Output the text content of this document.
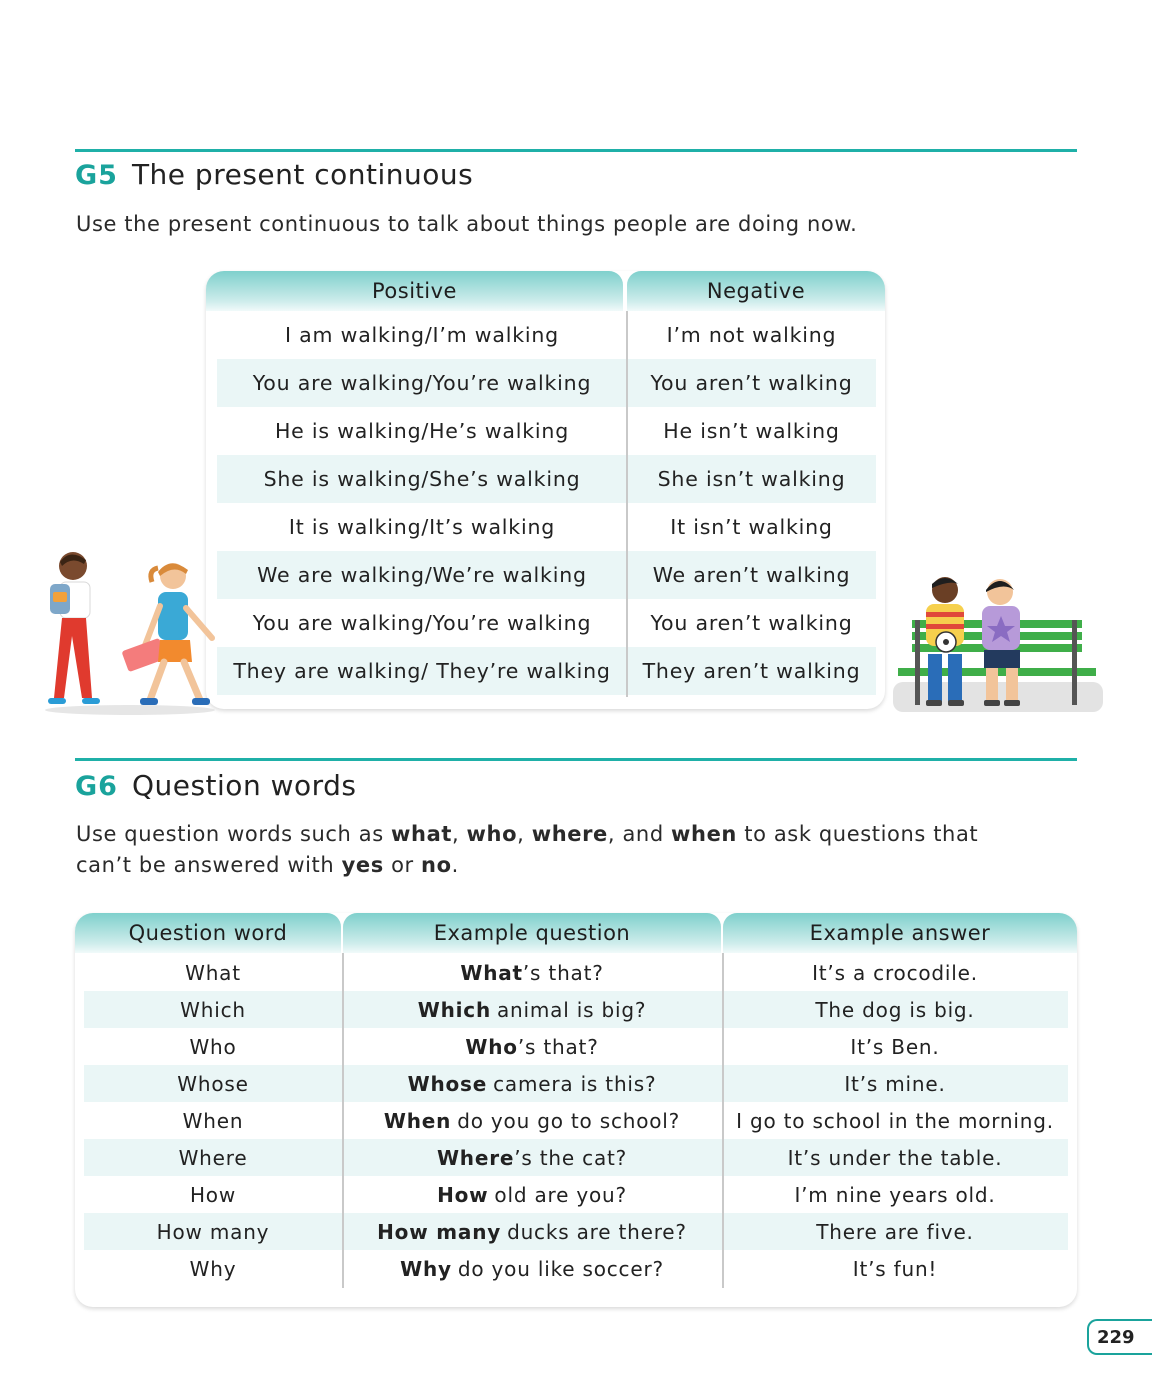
G5 The present continuous
Use the present continuous to talk about things people are doing now.
Positive	Negative
I am walking/I’m walking	I’m not walking
You are walking/You’re walking	You aren’t walking
He is walking/He’s walking	He isn’t walking
She is walking/She’s walking	She isn’t walking
It is walking/It’s walking	It isn’t walking
We are walking/We’re walking	We aren’t walking
You are walking/You’re walking	You aren’t walking
They are walking/ They’re walking	They aren’t walking
G6 Question words
Use question words such as what, who, where, and when to ask questions that
can’t be answered with yes or no.
Question word	Example question	Example answer
What	What ’s that?	It’s a crocodile.
Which	Which animal is big?	The dog is big.
Who	Who ’s that?	It’s Ben.
Whose	Whose camera is this?	It’s mine.
When	When do you go to school?	I go to school in the morning.
Where	Where ’s the cat?	It’s under the table.
How	How old are you?	I’m nine years old.
How many	How many ducks are there?	There are five.
Why	Why do you like soccer?	It’s fun!
229
